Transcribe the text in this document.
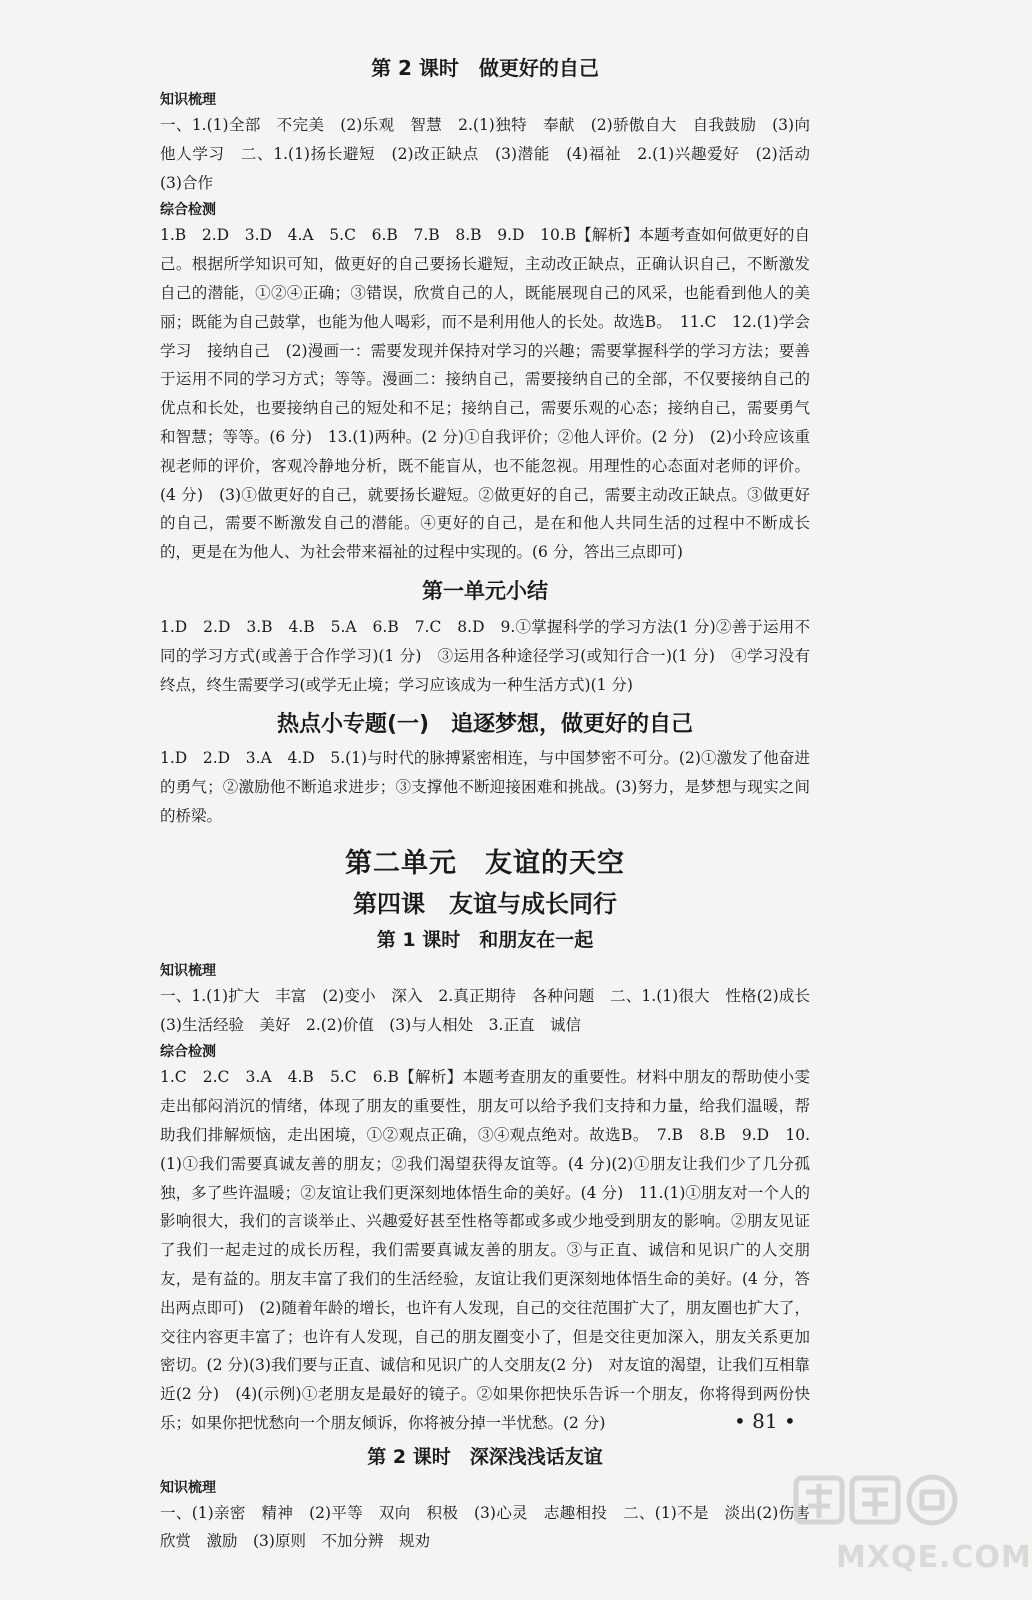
第 2 课时　做更好的自己
知识梳理

一、1.(1)全部　不完美　(2)乐观　智慧　2.(1)独特　奉献　(2)骄傲自大　自我鼓励　(3)向他人学习　二、1.(1)扬长避短　(2)改正缺点　(3)潜能　(4)福祉　2.(1)兴趣爱好　(2)活动　(3)合作

综合检测

1.B　2.D　3.D　4.A　5.C　6.B　7.B　8.B　9.D　10.B【解析】本题考查如何做更好的自己。根据所学知识可知，做更好的自己要扬长避短，主动改正缺点，正确认识自己，不断激发自己的潜能，①②④正确；③错误，欣赏自己的人，既能展现自己的风采，也能看到他人的美丽；既能为自己鼓掌，也能为他人喝彩，而不是利用他人的长处。故选B。　11.C　12.(1)学会学习　接纳自己　(2)漫画一：需要发现并保持对学习的兴趣；需要掌握科学的学习方法；要善于运用不同的学习方式；等等。漫画二：接纳自己，需要接纳自己的全部，不仅要接纳自己的优点和长处，也要接纳自己的短处和不足；接纳自己，需要乐观的心态；接纳自己，需要勇气和智慧；等等。(6 分)　13.(1)两种。(2 分)①自我评价；②他人评价。(2 分)　(2)小玲应该重视老师的评价，客观冷静地分析，既不能盲从，也不能忽视。用理性的心态面对老师的评价。(4 分)　(3)①做更好的自己，就要扬长避短。②做更好的自己，需要主动改正缺点。③做更好的自己，需要不断激发自己的潜能。④更好的自己，是在和他人共同生活的过程中不断成长的，更是在为他人、为社会带来福祉的过程中实现的。(6 分，答出三点即可)

第一单元小结

1.D　2.D　3.B　4.B　5.A　6.B　7.C　8.D　9.①掌握科学的学习方法(1 分)②善于运用不同的学习方式(或善于合作学习)(1 分)　③运用各种途径学习(或知行合一)(1 分)　④学习没有终点，终生需要学习(或学无止境；学习应该成为一种生活方式)(1 分)

热点小专题(一)　追逐梦想，做更好的自己

1.D　2.D　3.A　4.D　5.(1)与时代的脉搏紧密相连，与中国梦密不可分。(2)①激发了他奋进的勇气；②激励他不断追求进步；③支撑他不断迎接困难和挑战。(3)努力，是梦想与现实之间的桥梁。

第二单元　友谊的天空
第四课　友谊与成长同行
第 1 课时　和朋友在一起
知识梳理

一、1.(1)扩大　丰富　(2)变小　深入　2.真正期待　各种问题　二、1.(1)很大　性格(2)成长　(3)生活经验　美好　2.(2)价值　(3)与人相处　3.正直　诚信

综合检测

1.C　2.C　3.A　4.B　5.C　6.B【解析】本题考查朋友的重要性。材料中朋友的帮助使小雯走出郁闷消沉的情绪，体现了朋友的重要性，朋友可以给予我们支持和力量，给我们温暖，帮助我们排解烦恼，走出困境，①②观点正确，③④观点绝对。故选B。　7.B　8.B　9.D　10.(1)①我们需要真诚友善的朋友；②我们渴望获得友谊等。(4 分)(2)①朋友让我们少了几分孤独，多了些许温暖；②友谊让我们更深刻地体悟生命的美好。(4 分)　11.(1)①朋友对一个人的影响很大，我们的言谈举止、兴趣爱好甚至性格等都或多或少地受到朋友的影响。②朋友见证了我们一起走过的成长历程，我们需要真诚友善的朋友。③与正直、诚信和见识广的人交朋友，是有益的。朋友丰富了我们的生活经验，友谊让我们更深刻地体悟生命的美好。(4 分，答出两点即可)　(2)随着年龄的增长，也许有人发现，自己的交往范围扩大了，朋友圈也扩大了，交往内容更丰富了；也许有人发现，自己的朋友圈变小了，但是交往更加深入，朋友关系更加密切。(2 分)(3)我们要与正直、诚信和见识广的人交朋友(2 分)　对友谊的渴望，让我们互相靠近(2 分)　(4)(示例)①老朋友是最好的镜子。②如果你把快乐告诉一个朋友，你将得到两份快乐；如果你把忧愁向一个朋友倾诉，你将被分掉一半忧愁。(2 分)

第 2 课时　深深浅浅话友谊
知识梳理

一、(1)亲密　精神　(2)平等　双向　积极　(3)心灵　志趣相投　二、(1)不是　淡出(2)伤害　欣赏　激励　(3)原则　不加分辨　规劝

• 81 •
MXQE.COM
